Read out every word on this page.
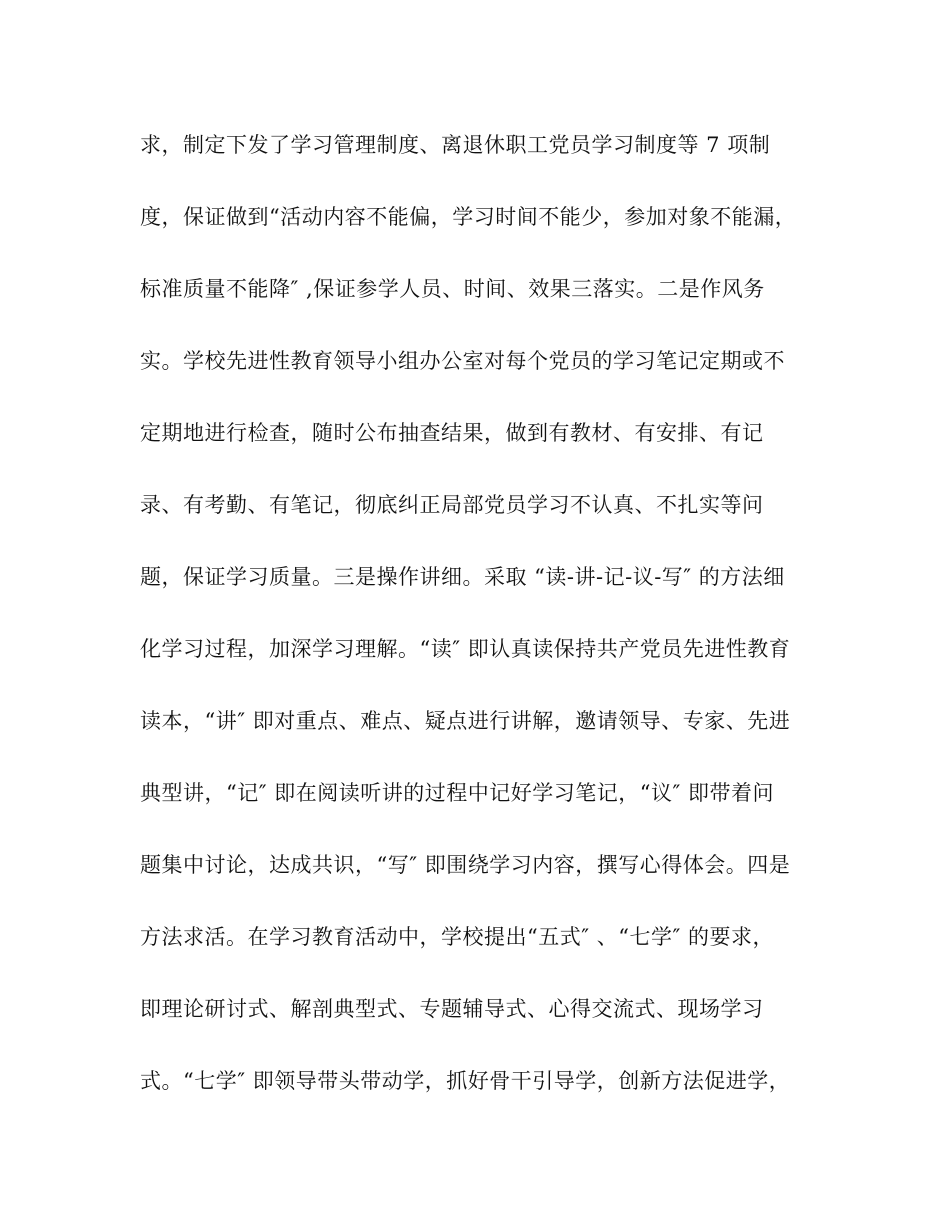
求，制定下发了学习管理制度、离退休职工党员学习制度等 7 项制
度，保证做到“活动内容不能偏，学习时间不能少，参加对象不能漏，
标准质量不能降″ ,保证参学人员、时间、效果三落实。二是作风务
实。学校先进性教育领导小组办公室对每个党员的学习笔记定期或不
定期地进行检查，随时公布抽查结果，做到有教材、有安排、有记
录、有考勤、有笔记，彻底纠正局部党员学习不认真、不扎实等问
题，保证学习质量。三是操作讲细。采取 “读-讲-记-议-写″ 的方法细
化学习过程，加深学习理解。“读″ 即认真读保持共产党员先进性教育
读本，“讲″ 即对重点、难点、疑点进行讲解，邀请领导、专家、先进
典型讲，“记″ 即在阅读听讲的过程中记好学习笔记，“议″ 即带着问
题集中讨论，达成共识，“写″ 即围绕学习内容，撰写心得体会。四是
方法求活。在学习教育活动中，学校提出“五式″ 、“七学″ 的要求，
即理论研讨式、解剖典型式、专题辅导式、心得交流式、现场学习
式。“七学″ 即领导带头带动学，抓好骨干引导学，创新方法促进学，
